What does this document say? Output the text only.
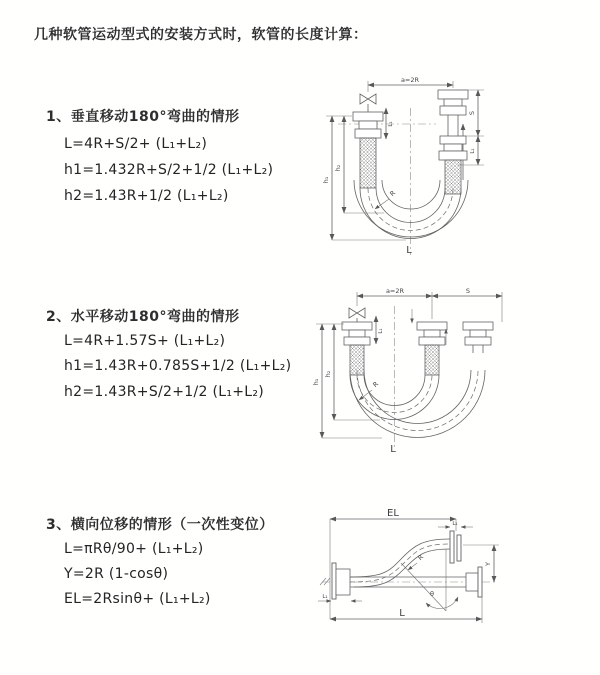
几种软管运动型式的安装方式时，软管的长度计算：
1、垂直移动180°弯曲的情形
L=4R+S/2+ (L₁+L₂)
h1=1.432R+S/2+1/2 (L₁+L₂)
h2=1.43R+1/2 (L₁+L₂)
2、水平移动180°弯曲的情形
L=4R+1.57S+ (L₁+L₂)
h1=1.43R+0.785S+1/2 (L₁+L₂)
h2=1.43R+S/2+1/2 (L₁+L₂)
3、横向位移的情形（一次性变位）
L=πRθ/90+ (L₁+L₂)
Y=2R (1-cosθ)
EL=2Rsinθ+ (L₁+L₂)
a=2R
h₁
h₂
L₁
S
L₁
R
L
a=2R	S
h₁
h₂
L₁
R
L
θ
EL
L₁
Y
R
L₁
L
